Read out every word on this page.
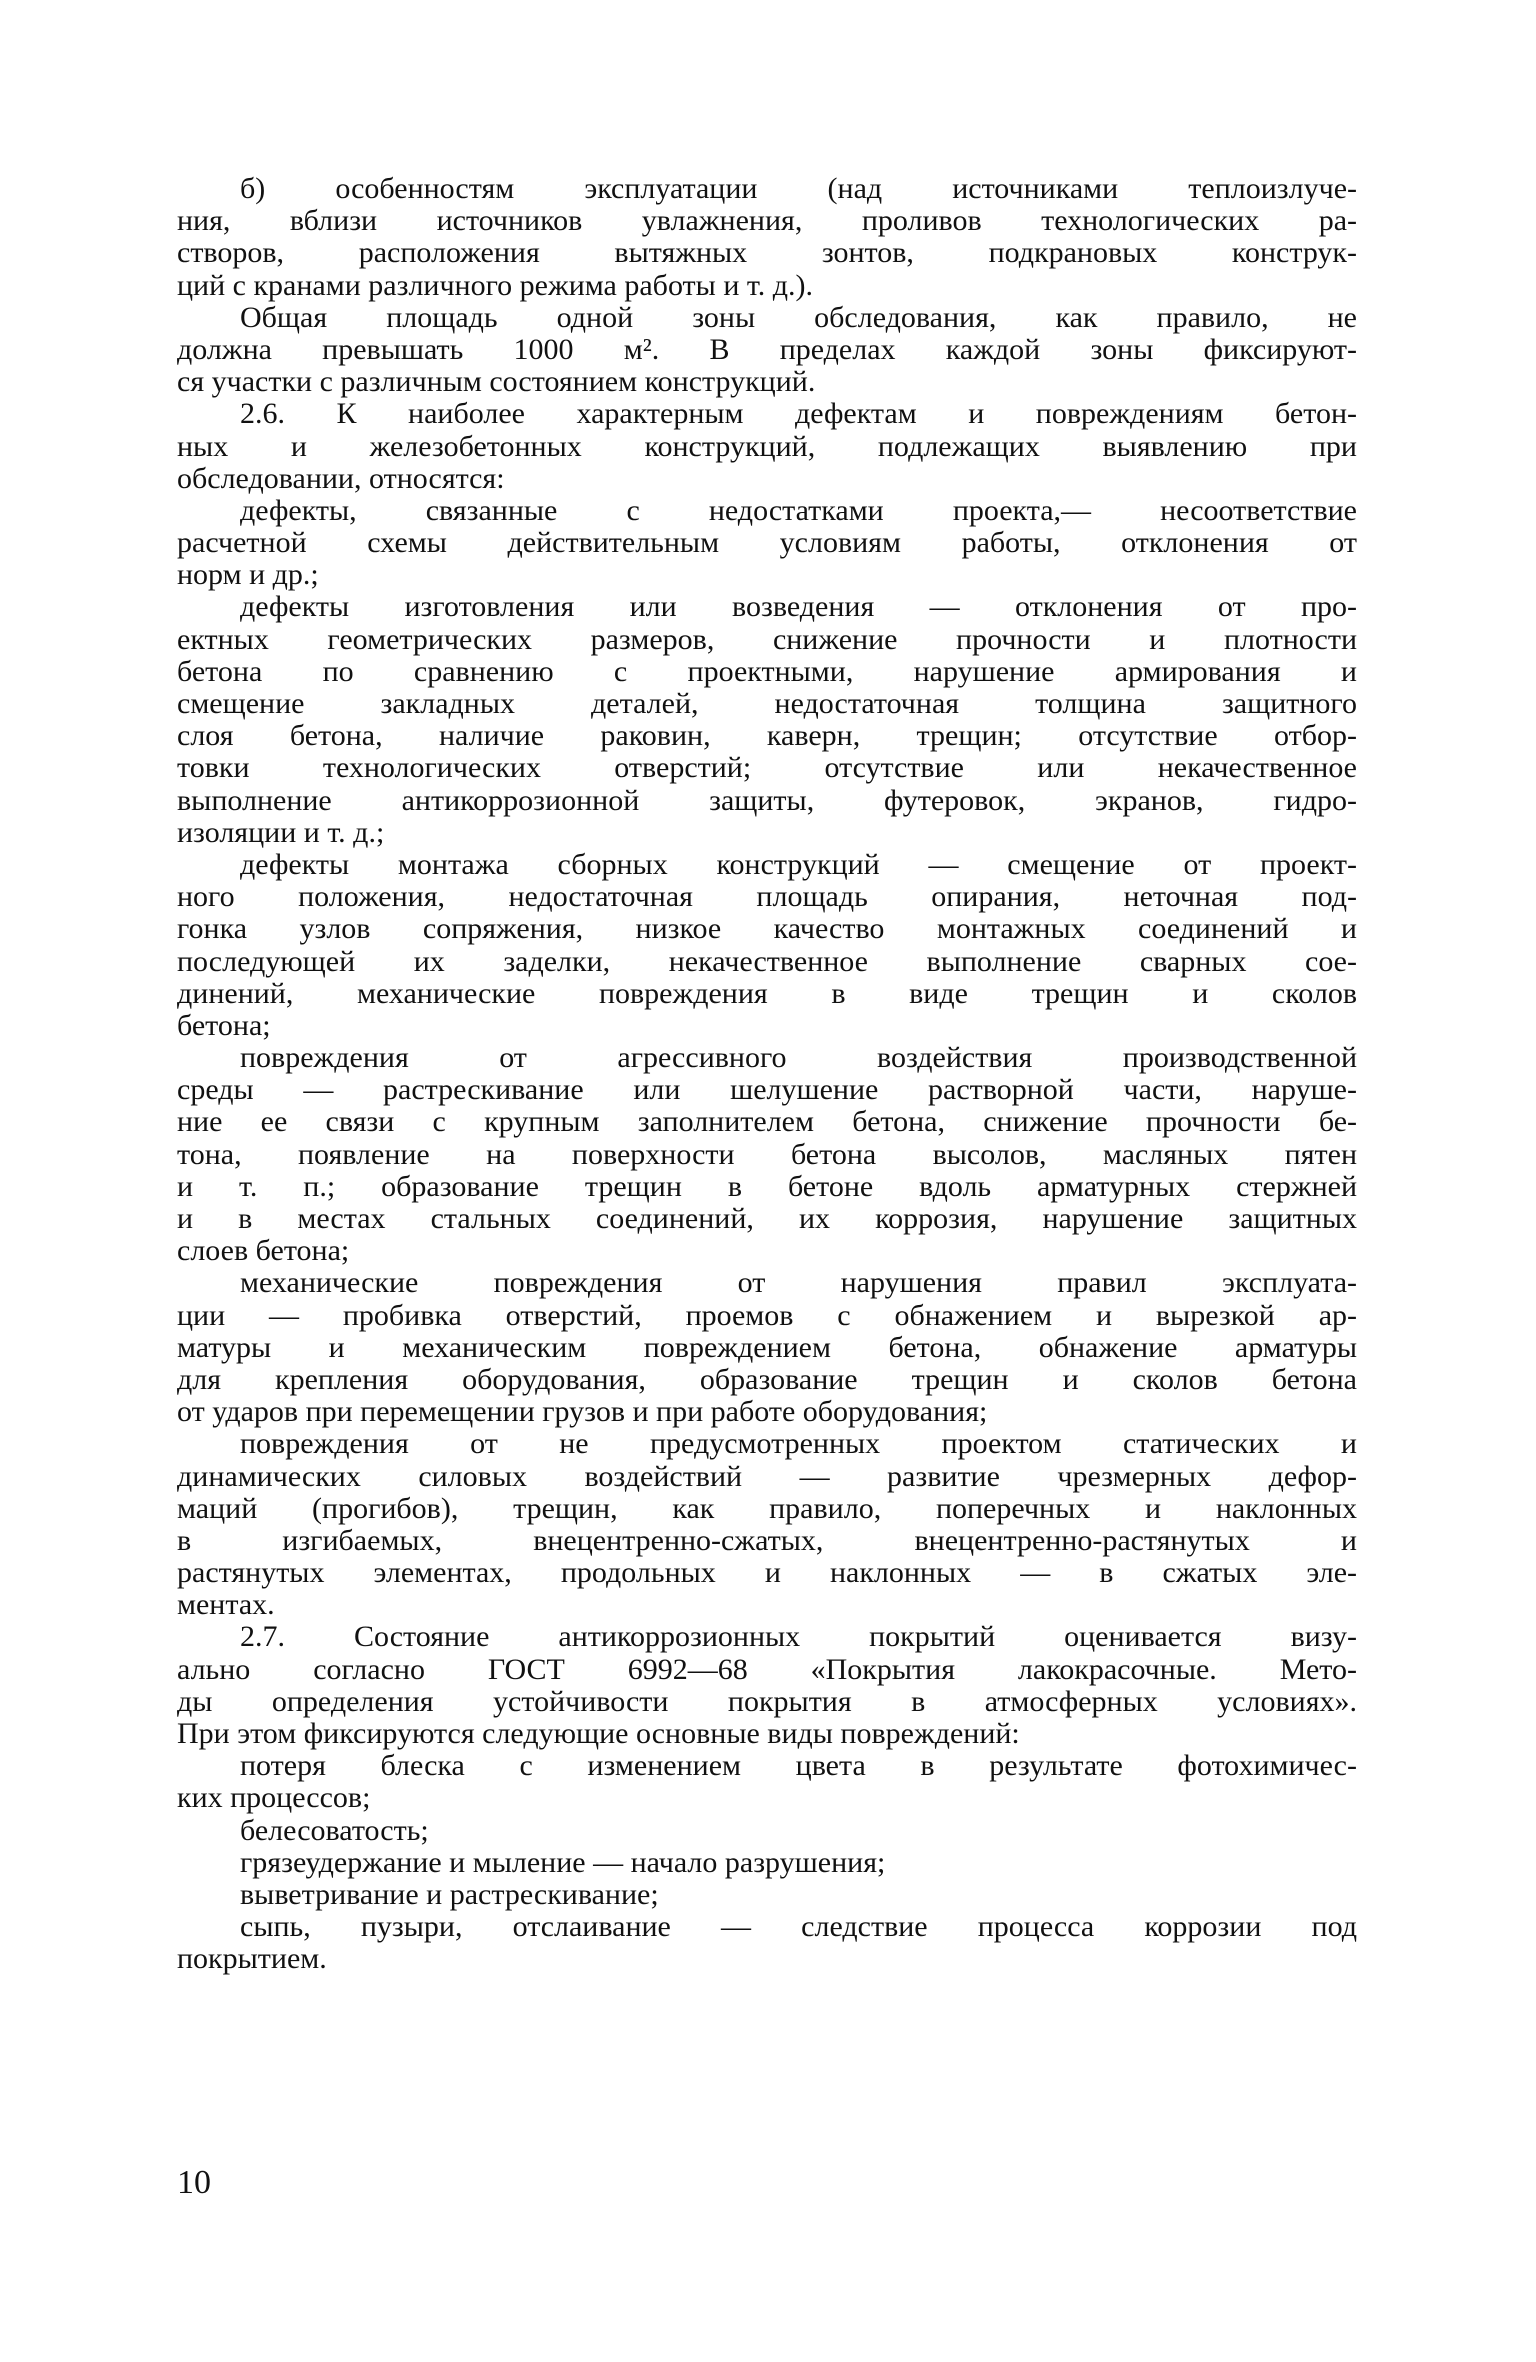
б) особенностям эксплуатации (над источниками теплоизлуче-
ния, вблизи источников увлажнения, проливов технологических ра-
створов, расположения вытяжных зонтов, подкрановых конструк-
ций с кранами различного режима работы и т. д.).
Общая площадь одной зоны обследования, как правило, не
должна превышать 1000 м². В пределах каждой зоны фиксируют-
ся участки с различным состоянием конструкций.
2.6. К наиболее характерным дефектам и повреждениям бетон-
ных и железобетонных конструкций, подлежащих выявлению при
обследовании, относятся:
дефекты, связанные с недостатками проекта,— несоответствие
расчетной схемы действительным условиям работы, отклонения от
норм и др.;
дефекты изготовления или возведения — отклонения от про-
ектных геометрических размеров, снижение прочности и плотности
бетона по сравнению с проектными, нарушение армирования и
смещение закладных деталей, недостаточная толщина защитного
слоя бетона, наличие раковин, каверн, трещин; отсутствие отбор-
товки технологических отверстий; отсутствие или некачественное
выполнение антикоррозионной защиты, футеровок, экранов, гидро-
изоляции и т. д.;
дефекты монтажа сборных конструкций — смещение от проект-
ного положения, недостаточная площадь опирания, неточная под-
гонка узлов сопряжения, низкое качество монтажных соединений и
последующей их заделки, некачественное выполнение сварных сое-
динений, механические повреждения в виде трещин и сколов
бетона;
повреждения от агрессивного воздействия производственной
среды — растрескивание или шелушение растворной части, наруше-
ние ее связи с крупным заполнителем бетона, снижение прочности бе-
тона, появление на поверхности бетона высолов, масляных пятен
и т. п.; образование трещин в бетоне вдоль арматурных стержней
и в местах стальных соединений, их коррозия, нарушение защитных
слоев бетона;
механические повреждения от нарушения правил эксплуата-
ции — пробивка отверстий, проемов с обнажением и вырезкой ар-
матуры и механическим повреждением бетона, обнажение арматуры
для крепления оборудования, образование трещин и сколов бетона
от ударов при перемещении грузов и при работе оборудования;
повреждения от не предусмотренных проектом статических и
динамических силовых воздействий — развитие чрезмерных дефор-
маций (прогибов), трещин, как правило, поперечных и наклонных
в изгибаемых, внецентренно-сжатых, внецентренно-растянутых и
растянутых элементах, продольных и наклонных — в сжатых эле-
ментах.
2.7. Состояние антикоррозионных покрытий оценивается визу-
ально согласно ГОСТ 6992—68 «Покрытия лакокрасочные. Мето-
ды определения устойчивости покрытия в атмосферных условиях».
При этом фиксируются следующие основные виды повреждений:
потеря блеска с изменением цвета в результате фотохимичес-
ких процессов;
белесоватость;
грязеудержание и мыление — начало разрушения;
выветривание и растрескивание;
сыпь, пузыри, отслаивание — следствие процесса коррозии под
покрытием.
10
